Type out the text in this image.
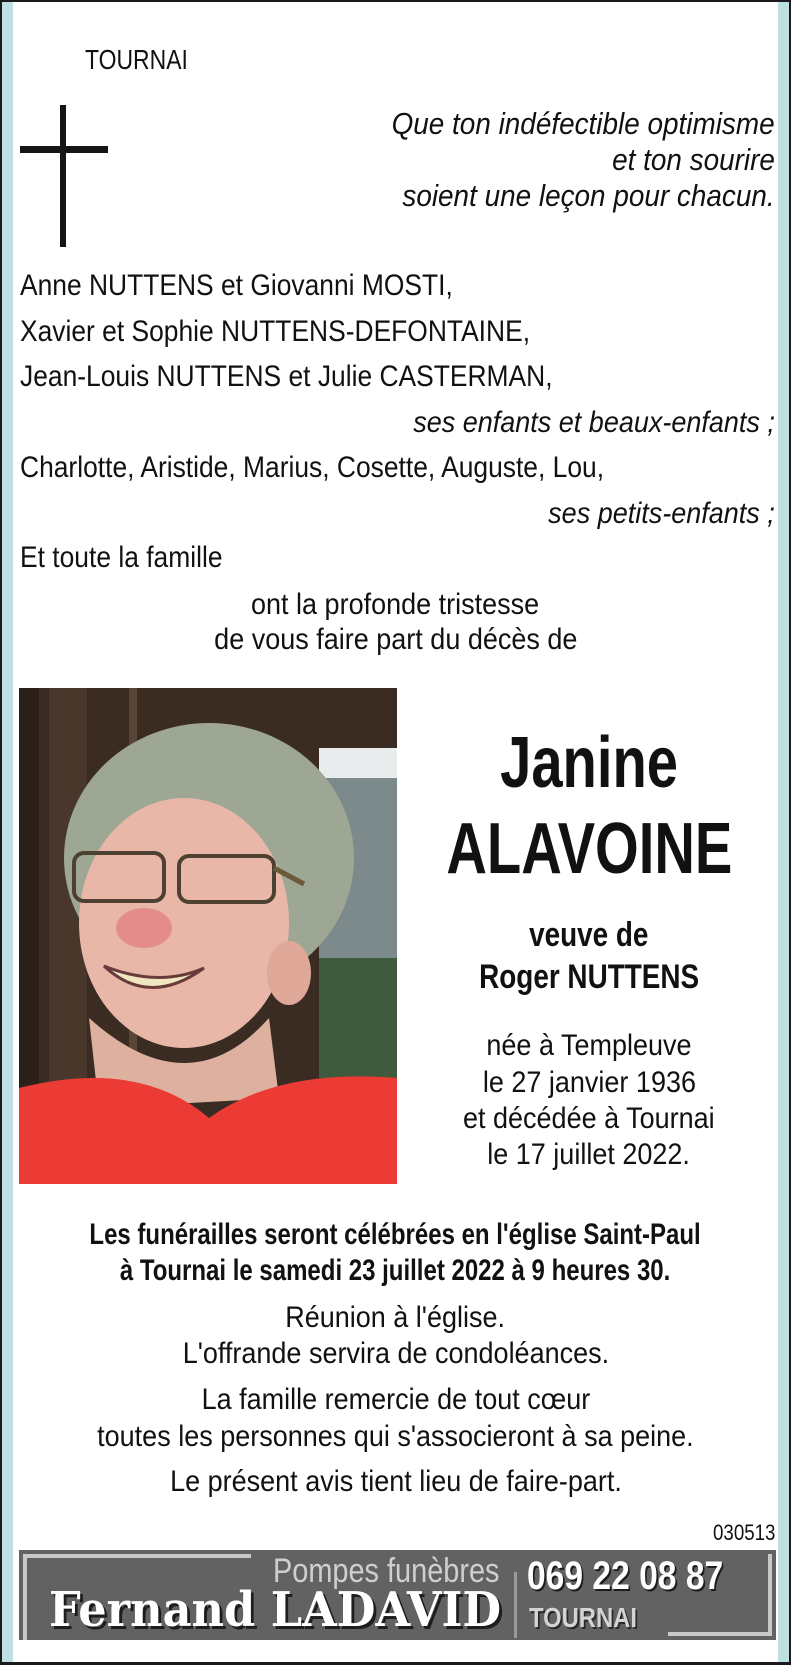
TOURNAI
Que ton indéfectible optimisme
et ton sourire
soient une leçon pour chacun.
Anne NUTTENS et Giovanni MOSTI,
Xavier et Sophie NUTTENS-DEFONTAINE,
Jean-Louis NUTTENS et Julie CASTERMAN,
ses enfants et beaux-enfants ;
Charlotte, Aristide, Marius, Cosette, Auguste, Lou,
ses petits-enfants ;
Et toute la famille
ont la profonde tristesse
de vous faire part du décès de
Janine
ALAVOINE
veuve de
Roger NUTTENS
née à Templeuve
le 27 janvier 1936
et décédée à Tournai
le 17 juillet 2022.
Les funérailles seront célébrées en l'église Saint-Paul
à Tournai le samedi 23 juillet 2022 à 9 heures 30.
Réunion à l'église.
L'offrande servira de condoléances.
La famille remercie de tout cœur
toutes les personnes qui s'associeront à sa peine.
Le présent avis tient lieu de faire-part.
030513
Pompes funèbres
Fernand LADAVID
069 22 08 87
TOURNAI
